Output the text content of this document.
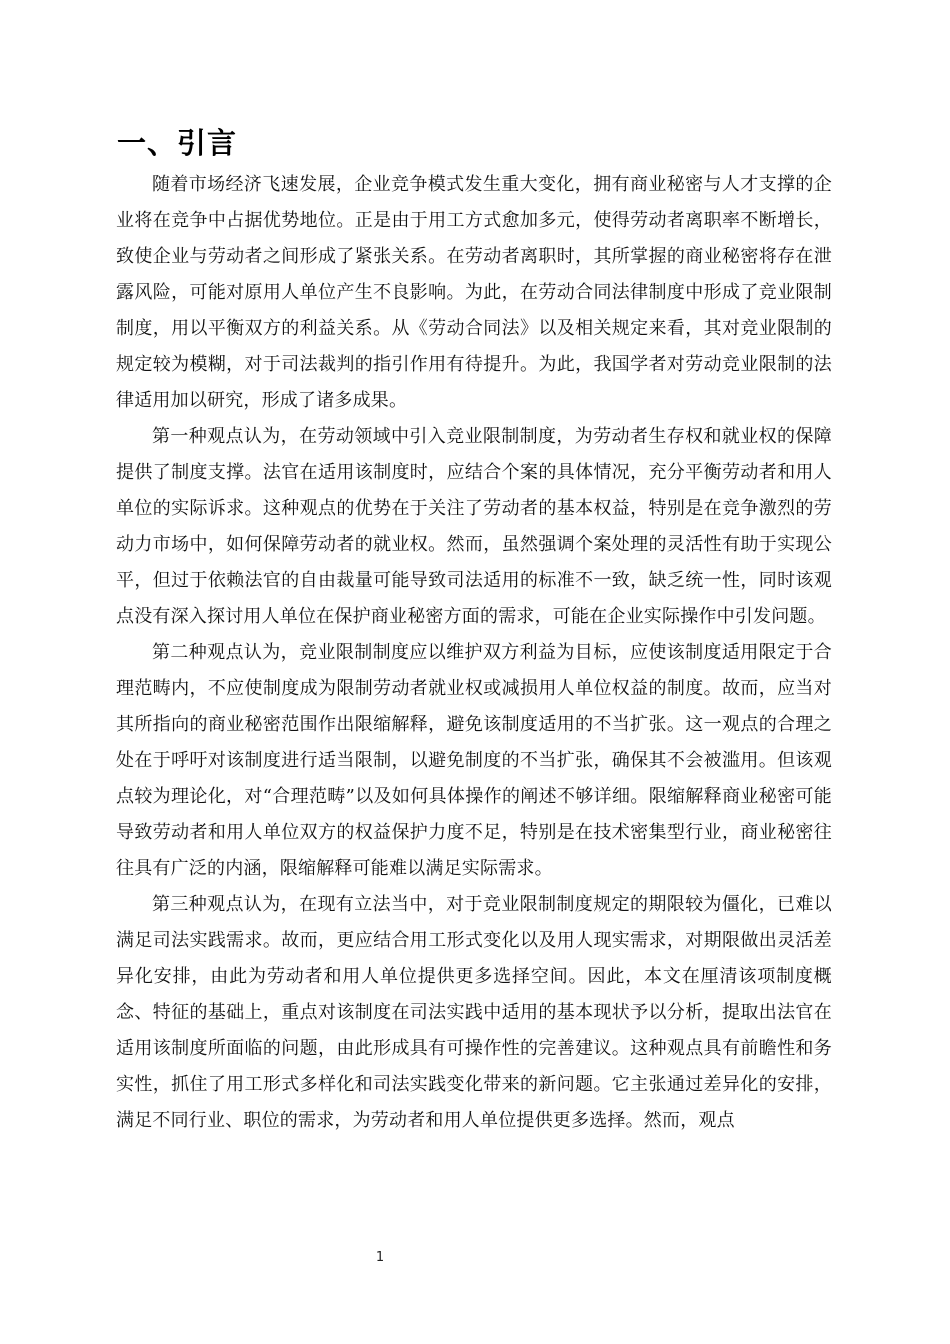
一、引言

随着市场经济飞速发展，企业竞争模式发生重大变化，拥有商业秘密与人才支撑的企业将在竞争中占据优势地位。正是由于用工方式愈加多元，使得劳动者离职率不断增长，致使企业与劳动者之间形成了紧张关系。在劳动者离职时，其所掌握的商业秘密将存在泄露风险，可能对原用人单位产生不良影响。为此，在劳动合同法律制度中形成了竞业限制制度，用以平衡双方的利益关系。从《劳动合同法》以及相关规定来看，其对竞业限制的规定较为模糊，对于司法裁判的指引作用有待提升。为此，我国学者对劳动竞业限制的法律适用加以研究，形成了诸多成果。

第一种观点认为，在劳动领域中引入竞业限制制度，为劳动者生存权和就业权的保障提供了制度支撑。法官在适用该制度时，应结合个案的具体情况，充分平衡劳动者和用人单位的实际诉求。这种观点的优势在于关注了劳动者的基本权益，特别是在竞争激烈的劳动力市场中，如何保障劳动者的就业权。然而，虽然强调个案处理的灵活性有助于实现公平，但过于依赖法官的自由裁量可能导致司法适用的标准不一致，缺乏统一性，同时该观点没有深入探讨用人单位在保护商业秘密方面的需求，可能在企业实际操作中引发问题。

第二种观点认为，竞业限制制度应以维护双方利益为目标，应使该制度适用限定于合理范畴内，不应使制度成为限制劳动者就业权或减损用人单位权益的制度。故而，应当对其所指向的商业秘密范围作出限缩解释，避免该制度适用的不当扩张。这一观点的合理之处在于呼吁对该制度进行适当限制，以避免制度的不当扩张，确保其不会被滥用。但该观点较为理论化，对“合理范畴”以及如何具体操作的阐述不够详细。限缩解释商业秘密可能导致劳动者和用人单位双方的权益保护力度不足，特别是在技术密集型行业，商业秘密往往具有广泛的内涵，限缩解释可能难以满足实际需求。

第三种观点认为，在现有立法当中，对于竞业限制制度规定的期限较为僵化，已难以满足司法实践需求。故而，更应结合用工形式变化以及用人现实需求，对期限做出灵活差异化安排，由此为劳动者和用人单位提供更多选择空间。因此，本文在厘清该项制度概念、特征的基础上，重点对该制度在司法实践中适用的基本现状予以分析，提取出法官在适用该制度所面临的问题，由此形成具有可操作性的完善建议。这种观点具有前瞻性和务实性，抓住了用工形式多样化和司法实践变化带来的新问题。它主张通过差异化的安排，满足不同行业、职位的需求，为劳动者和用人单位提供更多选择。然而，观点

1
